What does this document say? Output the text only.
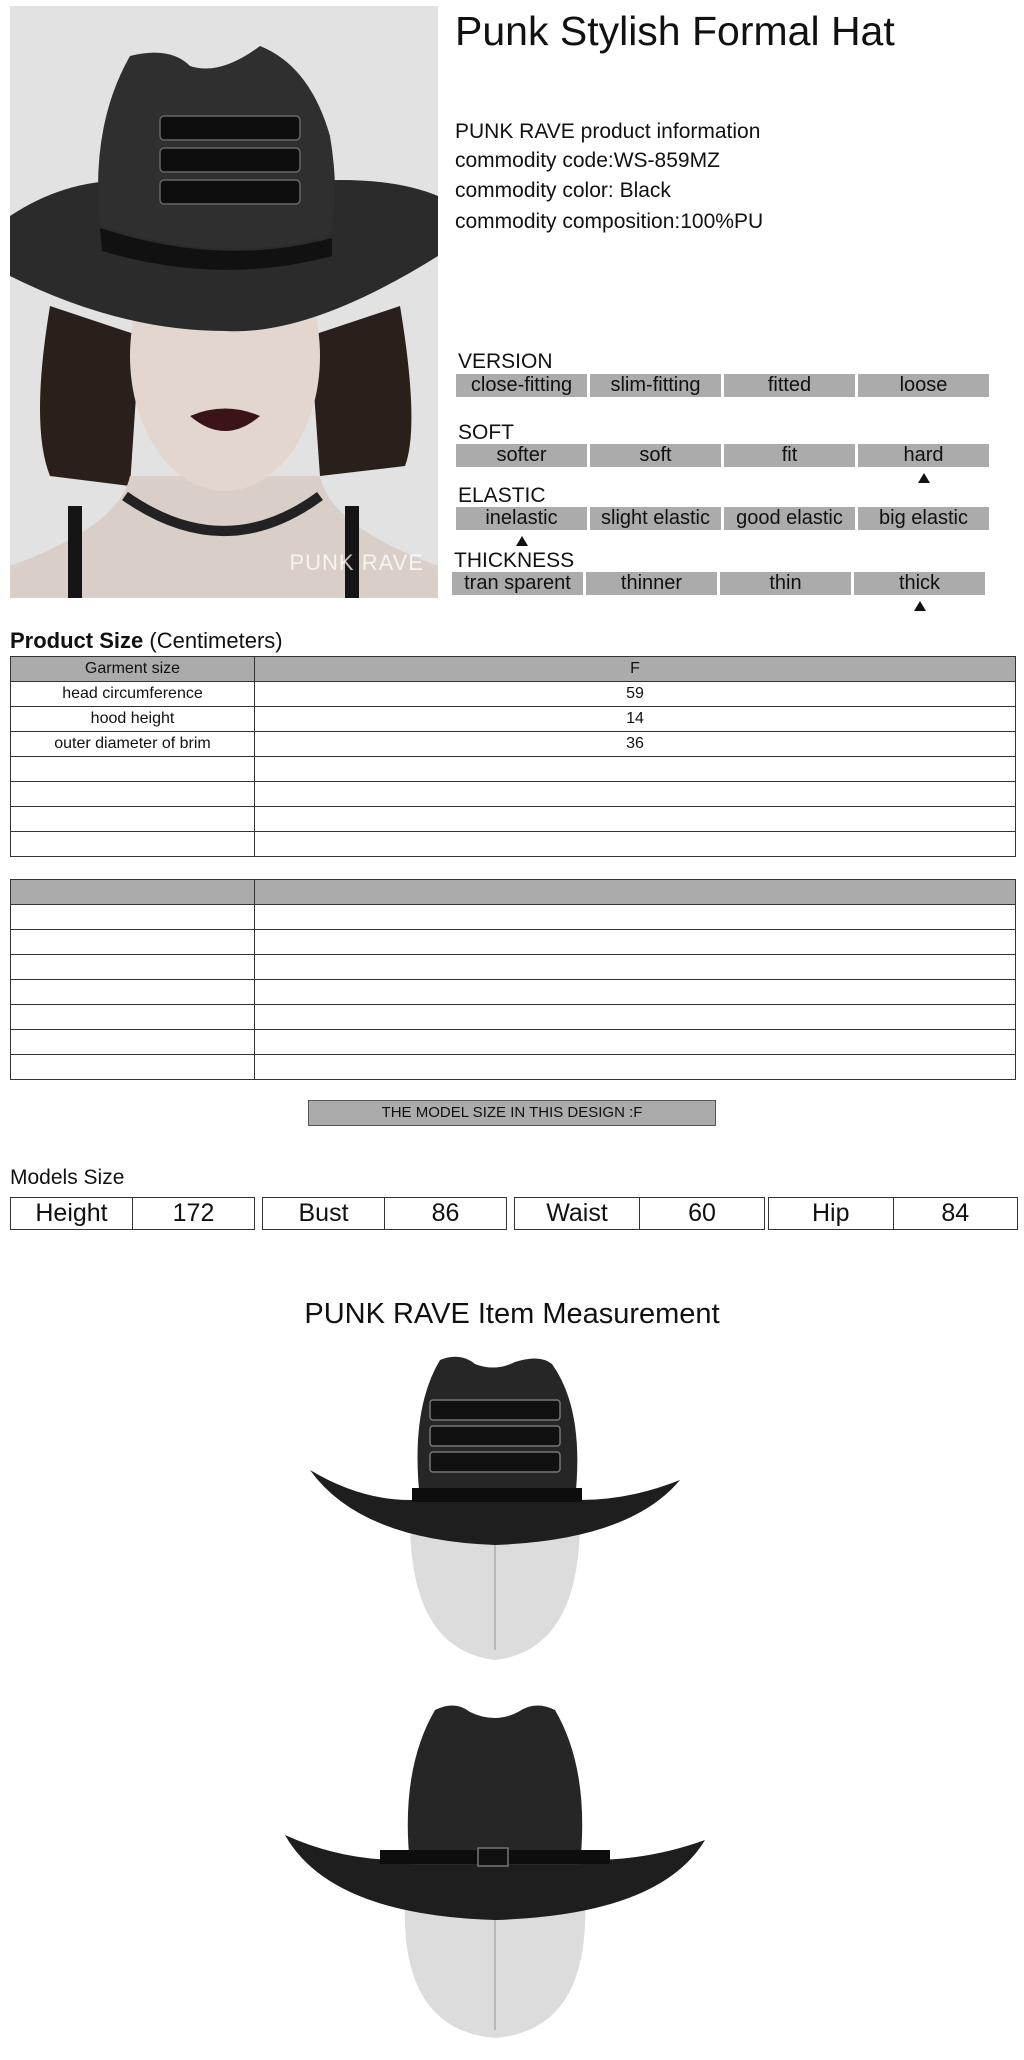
PUNK RAVE
Punk Stylish Formal Hat
PUNK RAVE product information
commodity code:WS-859MZ
commodity color: Black
commodity composition:100%PU
VERSION
close-fitting	slim-fitting	fitted	loose
SOFT
softer	soft	fit	hard
ELASTIC
inelastic	slight elastic	good elastic	big elastic
THICKNESS
tran sparent	thinner	thin	thick
Product Size (Centimeters)
Garment size	F
head circumference	59
hood height	14
outer diameter of brim	36

THE MODEL SIZE IN THIS DESIGN :F
Models Size
Height	172	Bust	86	Waist	60	Hip	84
PUNK RAVE Item Measurement
